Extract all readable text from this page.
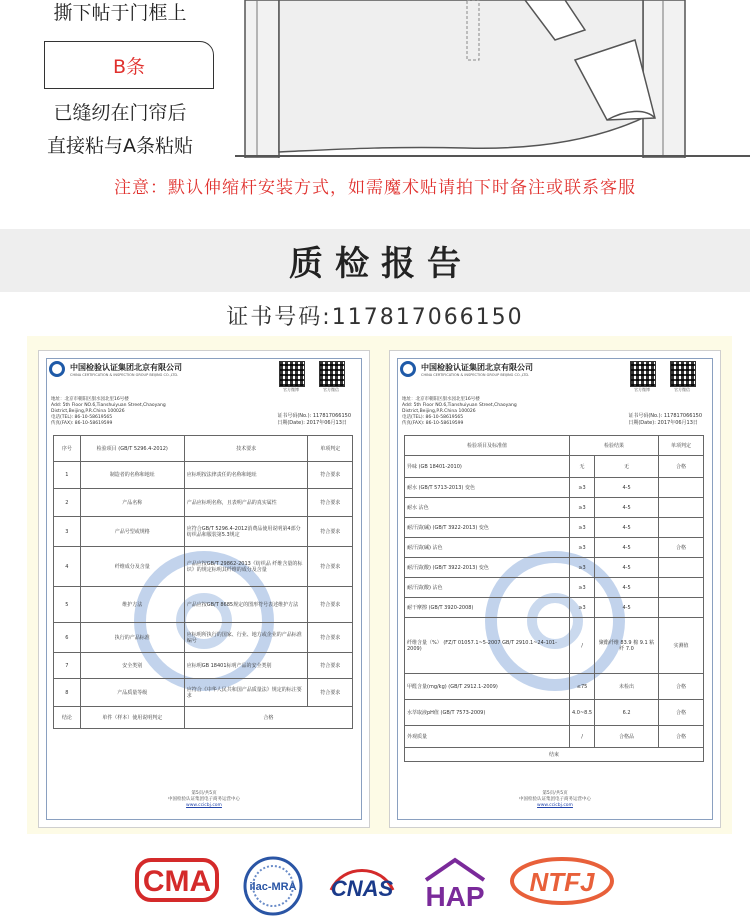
撕下帖于门框上
B条
已缝纫在门帘后
直接粘与A条粘贴
注意：默认伸缩杆安装方式，如需魔术贴请拍下时备注或联系客服
质检报告
证书号码:117817066150
中国检验认证集团北京有限公司
CHINA CERTIFICATION & INSPECTION GROUP BEIJING CO.,LTD.
官方微博	官方微信
地址：北京市朝阳区甜水园北里16号楼
Add: 5th Floor NO.6,Tianshuiyuan Street,Chaoyang
District,Beijing,P.R.China 100026
电话(TEL): 86-10-58619565
传真(FAX): 86-10-58619599
证书号码(No.): 117817066150
日期(Date): 2017年06月13日
序号	检验项目 (GB/T 5296.4-2012)	技术要求	单项判定
1	制造者的名称和地址	应标明按法律责任的名称和地址	符合要求
2	产品名称	产品应标明名称，且表明产品的真实属性	符合要求
3	产品号型或规格	应符合GB/T 5296.4-2012消费品使用说明第4部分纺织品和服装第5.3规定	符合要求
4	纤维成分及含量	产品应按GB/T 29862-2013《纺织品 纤维含量的标识》的规定标明其纤维的成分及含量	符合要求
5	维护方法	产品应按GB/T 8685规定的图形符号表述维护方法	符合要求
6	执行的产品标准	应标明所执行的国家、行业、地方或企业的产品标准编号	符合要求
7	安全类别	应标明GB 18401标明产品的安全类别	符合要求
8	产品质量等级	应符合《中华人民共和国产品质量法》规定的标注要求	符合要求
结论	单件（样本）使用说明判定	合格	
第5页/共5页
中国检验认证集团电子商务运营中心
www.ccicbj.com
中国检验认证集团北京有限公司
CHINA CERTIFICATION & INSPECTION GROUP BEIJING CO.,LTD.
官方微博	官方微信
地址：北京市朝阳区甜水园北里16号楼
Add: 5th Floor NO.6,Tianshuiyuan Street,Chaoyang
District,Beijing,P.R.China 100026
电话(TEL): 86-10-58619565
传真(FAX): 86-10-58619599
证书号码(No.): 117817066150
日期(Date): 2017年06月13日
检验项目及标准值	检验结果		单项判定
异味 (GB 18401-2010)	无	无	合格
耐水 (GB/T 5713-2013) 变色	≥3	4-5	
耐水 沾色	≥3	4-5	
耐汗渍(碱) (GB/T 3922-2013) 变色	≥3	4-5	
耐汗渍(碱) 沾色	≥3	4-5	合格
耐汗渍(酸) (GB/T 3922-2013) 变色	≥3	4-5	
耐汗渍(酸) 沾色	≥3	4-5	
耐干摩擦 (GB/T 3920-2008)	≥3	4-5	
纤维含量（%） (FZ/T 01057.1~5-2007 GB/T 2910.1~24-101-2009)	/	聚酯纤维 83.9 棉 9.1 粘纤 7.0	实测值
甲醛含量(mg/kg) (GB/T 2912.1-2009)	≤75	未检出	合格
水萃取液pH值 (GB/T 7573-2009)	4.0~8.5	6.2	合格
外观质量	/	合格品	合格
结束			
第5页/共5页
中国检验认证集团电子商务运营中心
www.ccicbj.com
CMA	ilac-MRA CNAS HAP NTFJ
